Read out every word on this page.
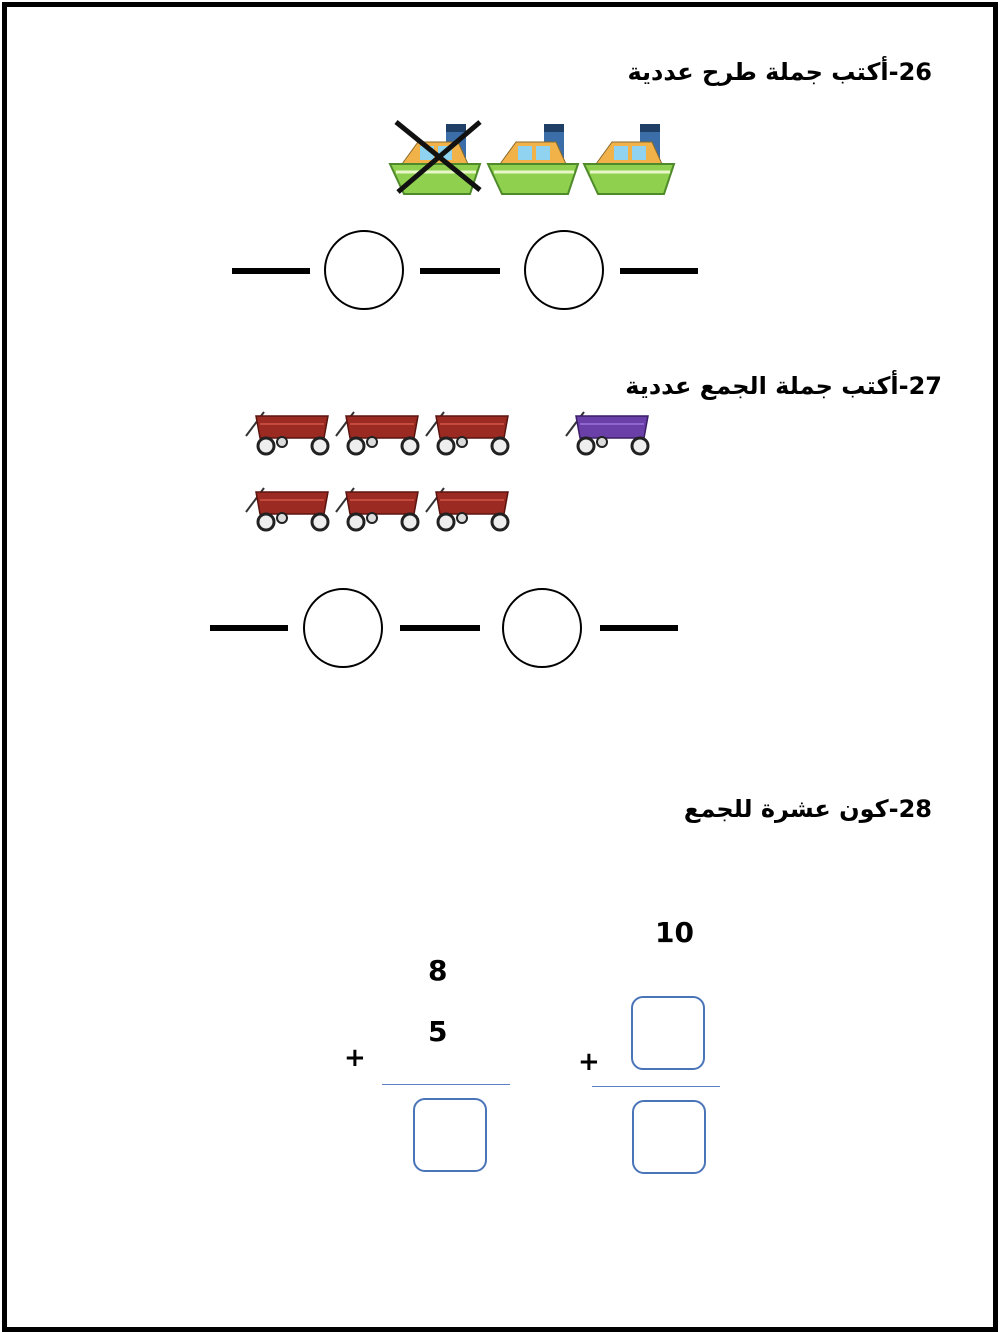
26-أكتب جملة طرح عددية
27-أكتب جملة الجمع عددية
28-كون عشرة للجمع
8
5
+
10
+
